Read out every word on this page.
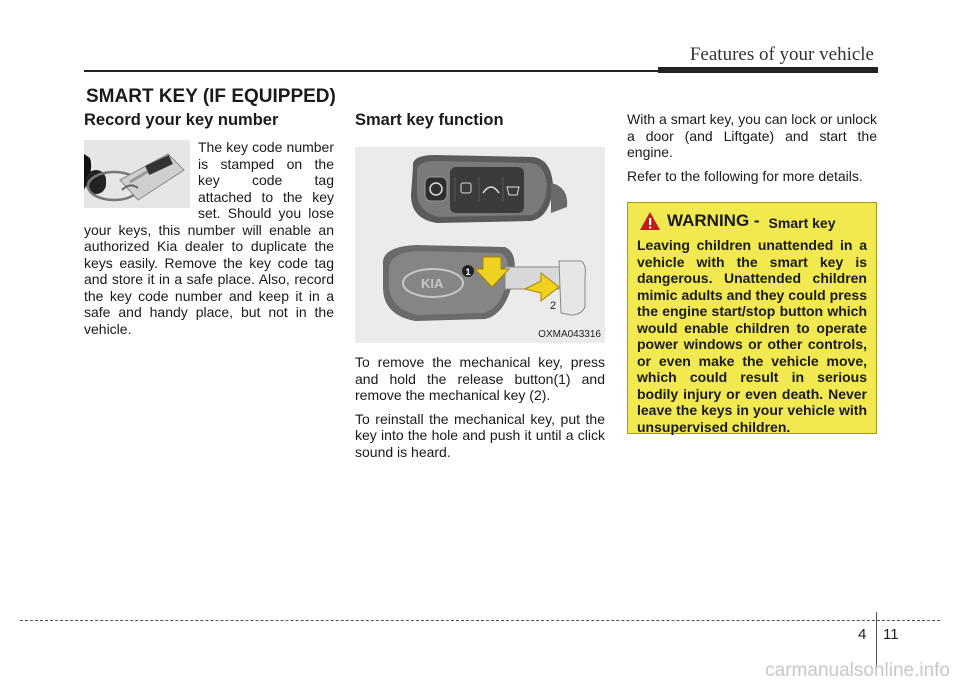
Features of your vehicle
SMART KEY (IF EQUIPPED)
Record your key number

The key code number is stamped on the key code tag attached to the key set. Should you lose your keys, this number will enable an authorized Kia dealer to duplicate the keys easily. Remove the key code tag and store it in a safe place. Also, record the key code number and keep it in a safe and handy place, but not in the vehicle.

Smart key function
KIA
1
2
OXMA043316

To remove the mechanical key, press and hold the release button(1) and remove the mechanical key (2).

To reinstall the mechanical key, put the key into the hole and push it until a click sound is heard.

With a smart key, you can lock or unlock a door (and Liftgate) and start the engine.

Refer to the following for more details.

WARNING - Smart key

Leaving children unattended in a vehicle with the smart key is dangerous. Unattended children mimic adults and they could press the engine start/stop button which would enable children to operate power windows or other controls, or even make the vehicle move, which could result in serious bodily injury or even death. Never leave the keys in your vehicle with unsupervised children.

4 11
carmanualsonline.info
